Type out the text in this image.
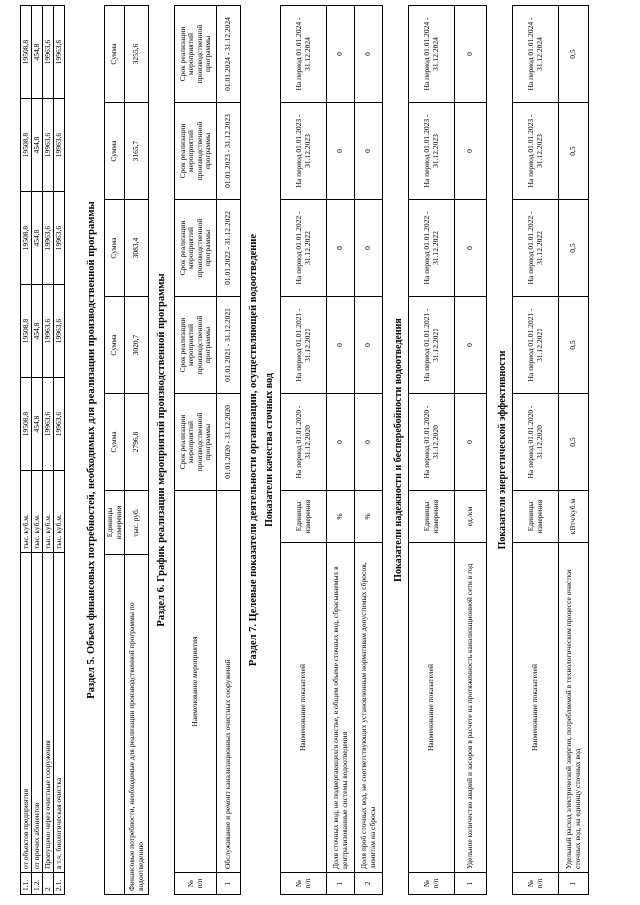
1.1.	от объектов предприятия	тыс. куб.м.	19508,8	19508,8	19508,8	19508,8	19508,8
1.2.	от прочих абонентов	тыс. куб.м.	454,8	454,8	454,8	454,8	454,8
2	Пропущено через очистные сооружения	тыс. куб.м.	19963,6	19963,6	19963,6	19963,6	19963,6
2.1.	в т.ч. биологическая очистка	тыс. куб.м.	19963,6	19963,6	19963,6	19963,6	19963,6
Раздел 5. Объем финансовых потребностей, необходимых для реализации производственной программы
	Единицы измерения	Сумма	Сумма	Сумма	Сумма	Сумма
Финансовые потребности, необходимые для реализации производственной программы по водоотведению	тыс. руб.	2796,8	3020,7	3083,4	3165,7	3255,6
Раздел 6. График реализации мероприятий производственной программы
№ п/п	Наименование мероприятия	Срок реализации мероприятий производственной программы	Срок реализации мероприятий производственной программы	Срок реализации мероприятий производственной программы	Срок реализации мероприятий производственной программы	Срок реализации мероприятий производственной программы
1	Обслуживание и ремонт канализационных очистных сооружений	01.01.2020 - 31.12.2020	01.01.2021 - 31.12.2021	01.01.2022 - 31.12.2022	01.01.2023 - 31.12.2023	01.01.2024 - 31.12.2024
Раздел 7. Целевые показатели деятельности организации, осуществляющей водоотведение Показатели качества сточных вод
№ п/п	Наименование показателей	Единицы измерения	На период 01.01.2020 - 31.12.2020	На период 01.01.2021 - 31.12.2021	На период 01.01.2022 - 31.12.2022	На период 01.01.2023 - 31.12.2023	На период 01.01.2024 - 31.12.2024
1	Доля сточных вод, не подвергающихся очистке, в общем объеме сточных вод, сбрасываемых в централизованные системы водоотведения	%	0	0	0	0	0
2	Доля проб сточных вод, не соответствующих установленным нормативам допустимых сбросов, лимитам на сбросы	%	0	0	0	0	0
Показатели надежности и бесперебойности водоотведения
№ п/п	Наименование показателей	Единицы измерения	На период 01.01.2020 - 31.12.2020	На период 01.01.2021 - 31.12.2021	На период 01.01.2022 - 31.12.2022	На период 01.01.2023 - 31.12.2023	На период 01.01.2024 - 31.12.2024
1	Удельное количество аварий и засоров в расчете на протяженность канализационной сети в год	ед./км	0	0	0	0	0
Показатели энергетической эффективности
№ п/п	Наименование показателей	Единицы измерения	На период 01.01.2020 - 31.12.2020	На период 01.01.2021 - 31.12.2021	На период 01.01.2022 - 31.12.2022	На период 01.01.2023 - 31.12.2023	На период 01.01.2024 - 31.12.2024
1	Удельный расход электрической энергии, потребляемой в технологическом процессе очистки сточных вод, на единицу сточных вод	кВтч/куб.м	0,5	0,5	0,5	0,5	0,5
